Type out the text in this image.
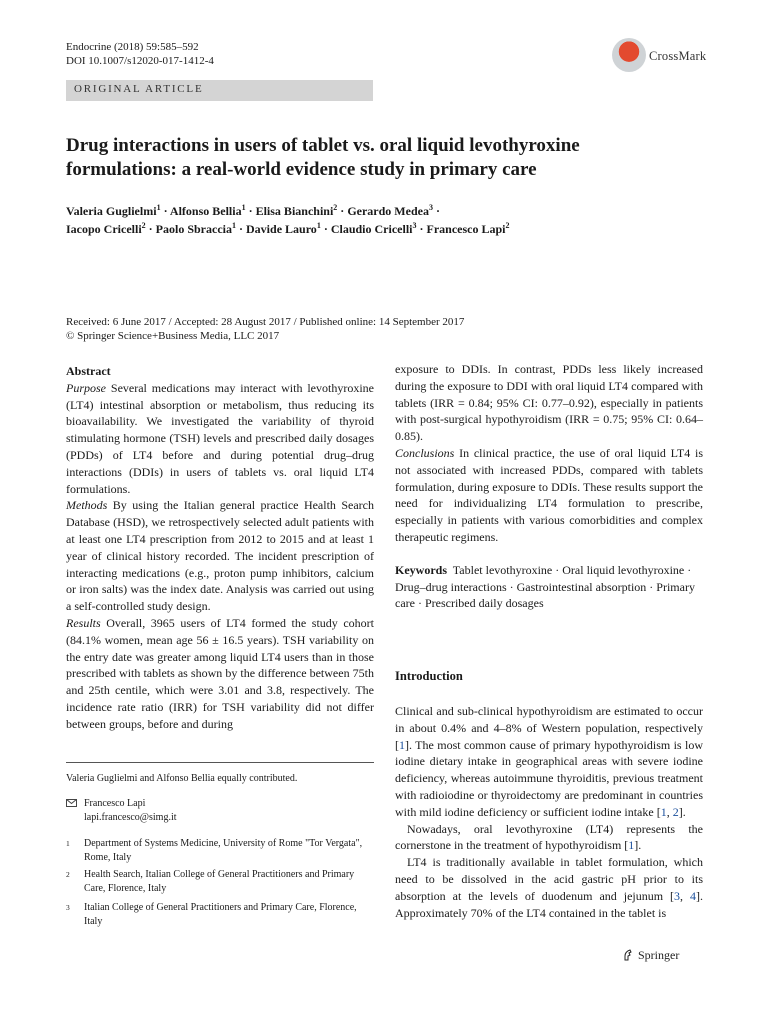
Endocrine (2018) 59:585–592
DOI 10.1007/s12020-017-1412-4	CrossMark
ORIGINAL ARTICLE
Drug interactions in users of tablet vs. oral liquid levothyroxine
formulations: a real-world evidence study in primary care
Valeria Guglielmi$^1$ · Alfonso Bellia$^1$ · Elisa Bianchini$^2$ · Gerardo Medea$^3$ ·
Iacopo Cricelli$^2$ · Paolo Sbraccia$^1$ · Davide Lauro$^1$ · Claudio Cricelli$^3$ · Francesco Lapi$^2$
Received: 6 June 2017 / Accepted: 28 August 2017 / Published online: 14 September 2017
© Springer Science+Business Media, LLC 2017

Abstract

Purpose Several medications may interact with levothyroxine (LT4) intestinal absorption or metabolism, thus reducing its bioavailability. We investigated the variability of thyroid stimulating hormone (TSH) levels and prescribed daily dosages (PDDs) of LT4 before and during potential drug–drug interactions (DDIs) in users of tablets vs. oral liquid LT4 formulations.

Methods By using the Italian general practice Health Search Database (HSD), we retrospectively selected adult patients with at least one LT4 prescription from 2012 to 2015 and at least 1 year of clinical history recorded. The incident prescription of interacting medications (e.g., proton pump inhibitors, calcium or iron salts) was the index date. Analysis was carried out using a self-controlled study design.

Results Overall, 3965 users of LT4 formed the study cohort (84.1% women, mean age 56 ± 16.5 years). TSH variability on the entry date was greater among liquid LT4 users than in those prescribed with tablets as shown by the difference between 75th and 25th centile, which were 3.01 and 3.8, respectively. The incidence rate ratio (IRR) for TSH variability did not differ between groups, before and during

exposure to DDIs. In contrast, PDDs less likely increased during the exposure to DDI with oral liquid LT4 compared with tablets (IRR = 0.84; 95% CI: 0.77–0.92), especially in patients with post-surgical hypothyroidism (IRR = 0.75; 95% CI: 0.64–0.85).

Conclusions In clinical practice, the use of oral liquid LT4 is not associated with increased PDDs, compared with tablets formulation, during exposure to DDIs. These results support the need for individualizing LT4 formulation to prescribe, especially in patients with various comorbidities and complex therapeutic regimens.

Keywords Tablet levothyroxine · Oral liquid levothyroxine · Drug–drug interactions · Gastrointestinal absorption · Primary care · Prescribed daily dosages

Introduction

Clinical and sub-clinical hypothyroidism are estimated to occur in about 0.4% and 4–8% of Western population, respectively [1]. The most common cause of primary hypothyroidism is low iodine dietary intake in geographical areas with severe iodine deficiency, whereas autoimmune thyroiditis, previous treatment with radioiodine or thyroidectomy are predominant in countries with mild iodine deficiency or sufficient iodine intake [1, 2].

Nowadays, oral levothyroxine (LT4) represents the cornerstone in the treatment of hypothyroidism [1].

LT4 is traditionally available in tablet formulation, which need to be dissolved in the acid gastric pH prior to its absorption at the levels of duodenum and jejunum [3, 4]. Approximately 70% of the LT4 contained in the tablet is

Valeria Guglielmi and Alfonso Bellia equally contributed.
Francesco Lapi
lapi.francesco@simg.it
1 Department of Systems Medicine, University of Rome "Tor Vergata", Rome, Italy
2 Health Search, Italian College of General Practitioners and Primary Care, Florence, Italy
3 Italian College of General Practitioners and Primary Care, Florence, Italy
Springer
